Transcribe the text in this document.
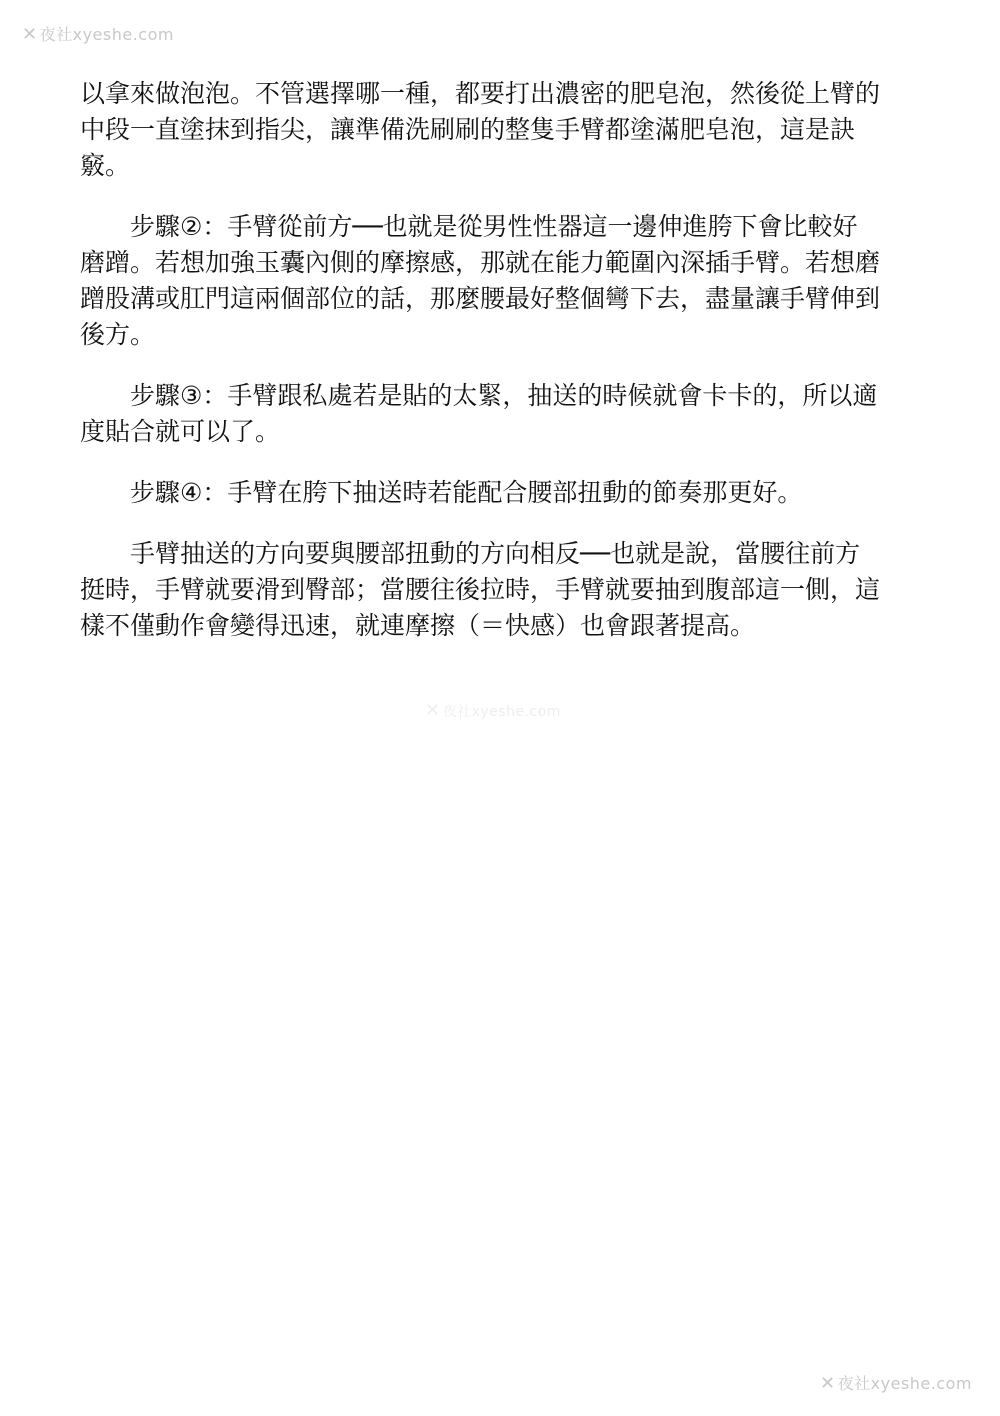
✕ 夜社xyeshe.com

以拿來做泡泡。不管選擇哪一種，都要打出濃密的肥皂泡，然後從上臂的
中段一直塗抹到指尖，讓準備洗刷刷的整隻手臂都塗滿肥皂泡，這是訣
竅。

　　步驟②：手臂從前方──也就是從男性性器這一邊伸進胯下會比較好
磨蹭。若想加強玉囊內側的摩擦感，那就在能力範圍內深插手臂。若想磨
蹭股溝或肛門這兩個部位的話，那麼腰最好整個彎下去，盡量讓手臂伸到
後方。

　　步驟③：手臂跟私處若是貼的太緊，抽送的時候就會卡卡的，所以適
度貼合就可以了。

　　步驟④：手臂在胯下抽送時若能配合腰部扭動的節奏那更好。

　　手臂抽送的方向要與腰部扭動的方向相反──也就是說，當腰往前方
挺時，手臂就要滑到臀部；當腰往後拉時，手臂就要抽到腹部這一側，這
樣不僅動作會變得迅速，就連摩擦（＝快感）也會跟著提高。

✕ 夜社xyeshe.com
✕ 夜社xyeshe.com
